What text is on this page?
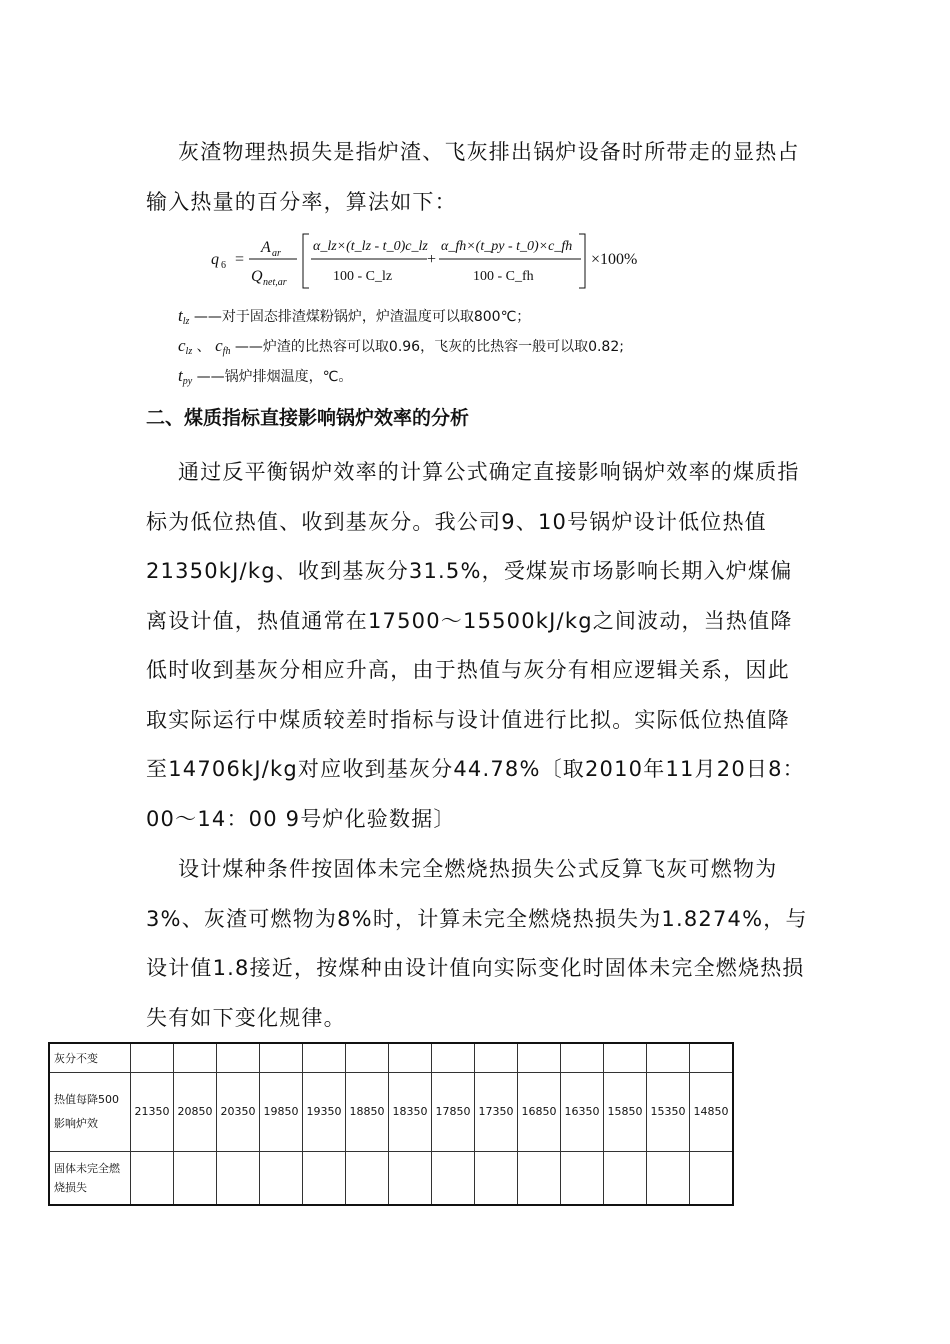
灰渣物理热损失是指炉渣、飞灰排出锅炉设备时所带走的显热占输入热量的百分率，算法如下：
q 6 =
A ar
Q net,ar
α_lz×(t_lz - t_0)c_lz
100 - C_lz
+
α_fh×(t_py - t_0)×c_fh
100 - C_fh
×100%
$t_{lz}$ ——对于固态排渣煤粉锅炉，炉渣温度可以取800℃；
$c_{lz}$ 、 $c_{fh}$ ——炉渣的比热容可以取0.96，飞灰的比热容一般可以取0.82;
$t_{py}$ ——锅炉排烟温度，℃。
二、煤质指标直接影响锅炉效率的分析
通过反平衡锅炉效率的计算公式确定直接影响锅炉效率的煤质指标为低位热值、收到基灰分。我公司9、10号锅炉设计低位热值21350kJ/kg、收到基灰分31.5%，受煤炭市场影响长期入炉煤偏离设计值，热值通常在17500～15500kJ/kg之间波动，当热值降低时收到基灰分相应升高，由于热值与灰分有相应逻辑关系，因此取实际运行中煤质较差时指标与设计值进行比拟。实际低位热值降至14706kJ/kg对应收到基灰分44.78%〔取2010年11月20日8：00～14：00 9号炉化验数据〕
设计煤种条件按固体未完全燃烧热损失公式反算飞灰可燃物为3%、灰渣可燃物为8%时，计算未完全燃烧热损失为1.8274%，与设计值1.8接近，按煤种由设计值向实际变化时固体未完全燃烧热损失有如下变化规律。
灰分不变														
热值每降500影响炉效	21350	20850	20350	19850	19350	18850	18350	17850	17350	16850	16350	15850	15350	14850
固体未完全燃烧损失														
